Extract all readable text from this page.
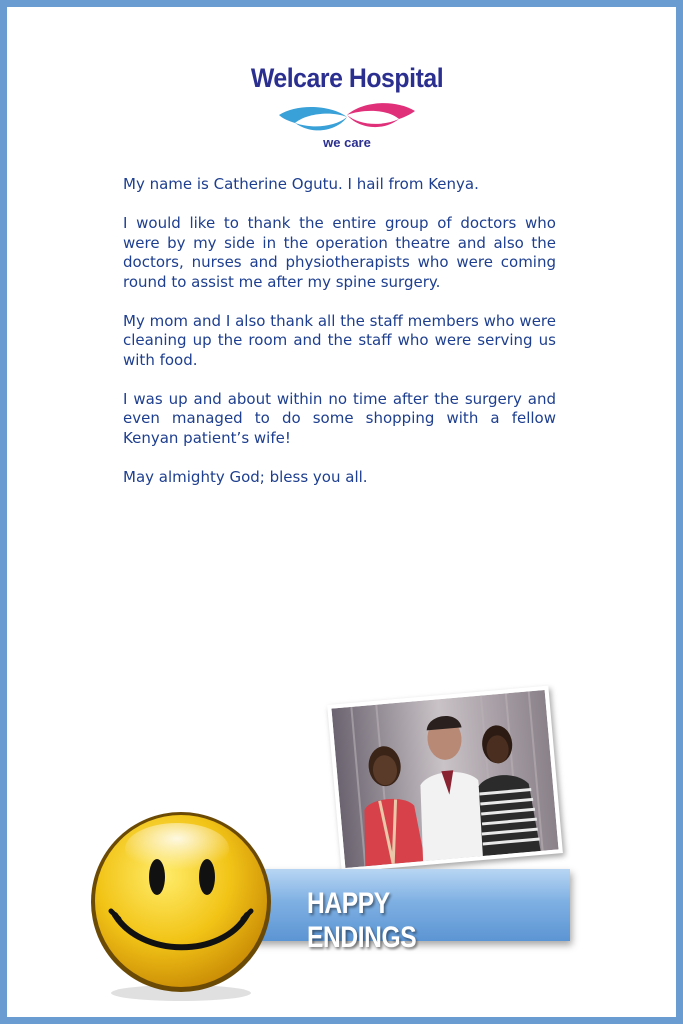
Welcare Hospital
we care

My name is Catherine Ogutu. I hail from Kenya.

I would like to thank the entire group of doctors who were by my side in the operation theatre and also the doctors, nurses and physiotherapists who were coming round to assist me after my spine surgery.

My mom and I also thank all the staff members who were cleaning up the room and the staff who were serving us with food.

I was up and about within no time after the surgery and even managed to do some shopping with a fellow Kenyan patient’s wife!

May almighty God; bless you all.

HAPPY ENDINGS
